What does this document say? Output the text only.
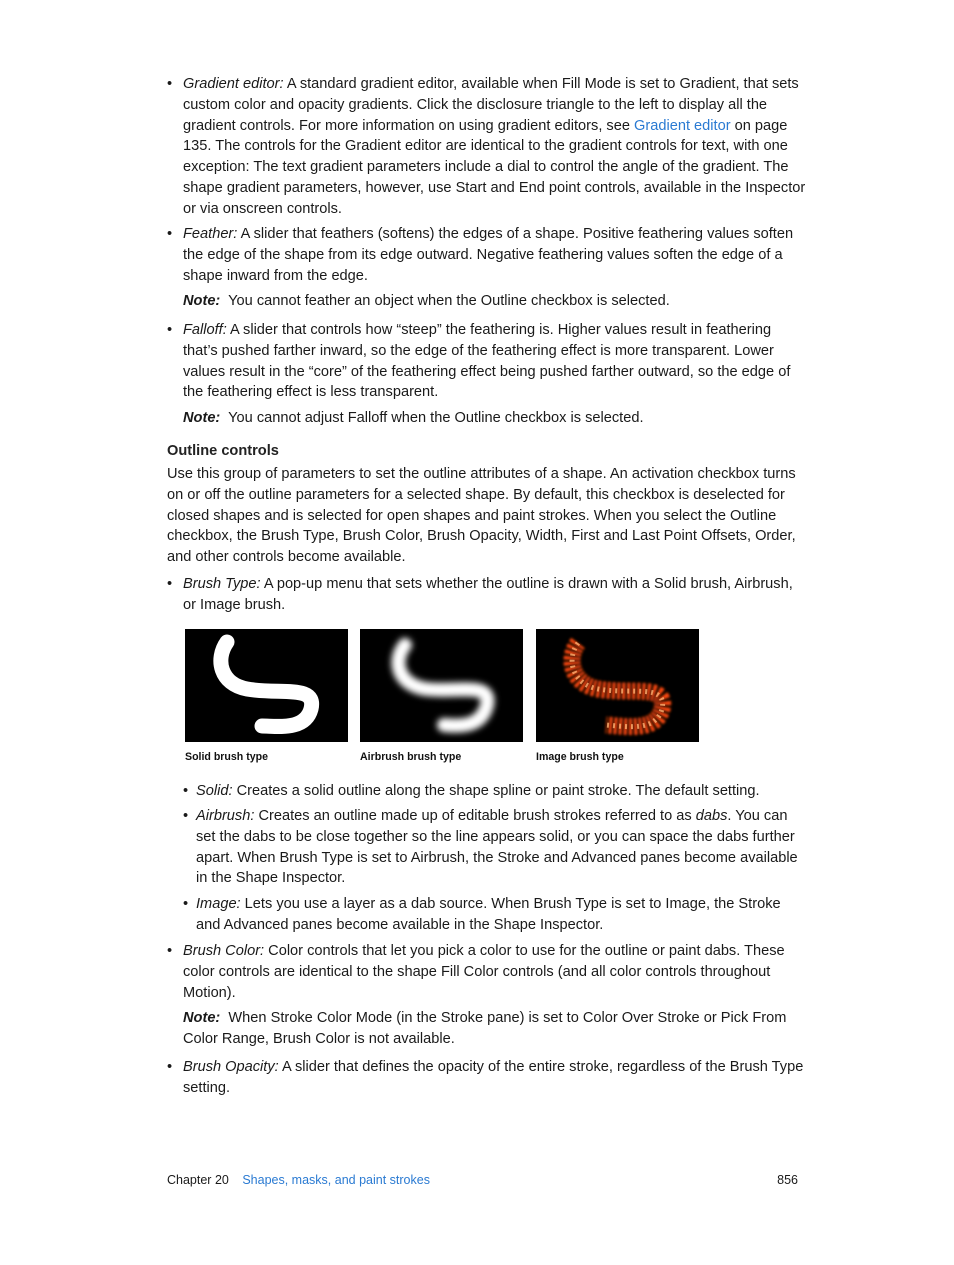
• Gradient editor: A standard gradient editor, available when Fill Mode is set to Gradient, that sets custom color and opacity gradients. Click the disclosure triangle to the left to display all the gradient controls. For more information on using gradient editors, see Gradient editor on page 135. The controls for the Gradient editor are identical to the gradient controls for text, with one exception: The text gradient parameters include a dial to control the angle of the gradient. The shape gradient parameters, however, use Start and End point controls, available in the Inspector or via onscreen controls.
• Feather: A slider that feathers (softens) the edges of a shape. Positive feathering values soften the edge of the shape from its edge outward. Negative feathering values soften the edge of a shape inward from the edge.
Note:  You cannot feather an object when the Outline checkbox is selected.
• Falloff: A slider that controls how “steep” the feathering is. Higher values result in feathering that’s pushed farther inward, so the edge of the feathering effect is more transparent. Lower values result in the “core” of the feathering effect being pushed farther outward, so the edge of the feathering effect is less transparent.
Note:  You cannot adjust Falloff when the Outline checkbox is selected.
Outline controls
Use this group of parameters to set the outline attributes of a shape. An activation checkbox turns on or off the outline parameters for a selected shape. By default, this checkbox is deselected for closed shapes and is selected for open shapes and paint strokes. When you select the Outline checkbox, the Brush Type, Brush Color, Brush Opacity, Width, First and Last Point Offsets, Order, and other controls become available.
• Brush Type: A pop-up menu that sets whether the outline is drawn with a Solid brush, Airbrush, or Image brush.
Solid brush type	Airbrush brush type	Image brush type
• Solid: Creates a solid outline along the shape spline or paint stroke. The default setting.
• Airbrush: Creates an outline made up of editable brush strokes referred to as dabs. You can set the dabs to be close together so the line appears solid, or you can space the dabs further apart. When Brush Type is set to Airbrush, the Stroke and Advanced panes become available in the Shape Inspector.
• Image: Lets you use a layer as a dab source. When Brush Type is set to Image, the Stroke and Advanced panes become available in the Shape Inspector.
• Brush Color: Color controls that let you pick a color to use for the outline or paint dabs. These color controls are identical to the shape Fill Color controls (and all color controls throughout Motion).
Note:  When Stroke Color Mode (in the Stroke pane) is set to Color Over Stroke or Pick From Color Range, Brush Color is not available.
• Brush Opacity: A slider that defines the opacity of the entire stroke, regardless of the Brush Type setting.
Chapter 20 Shapes, masks, and paint strokes	856
